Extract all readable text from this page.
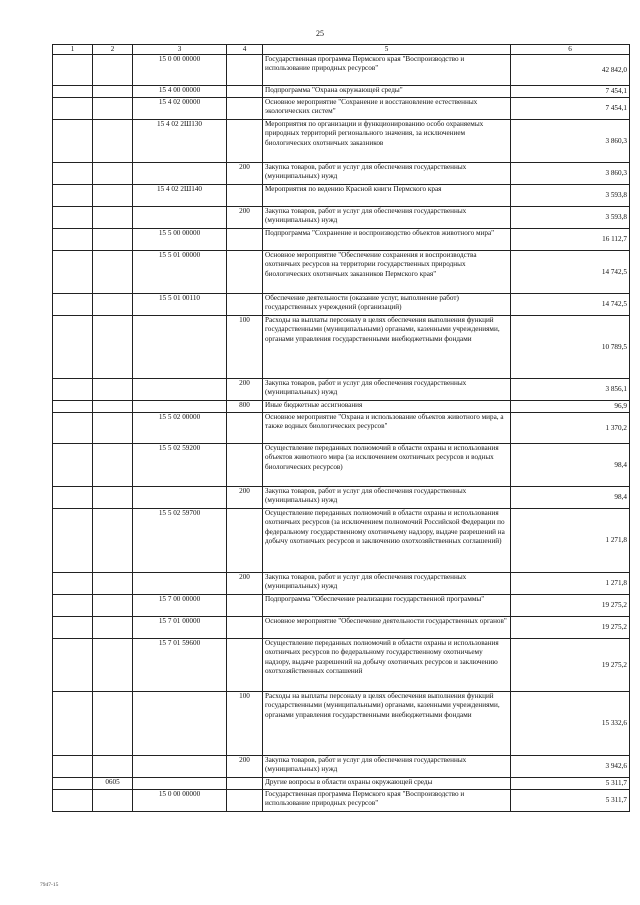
25
1	2	3	4	5	6
		15 0 00 00000		Государственная программа Пермского края "Воспроизводство и использование природных ресурсов"	42 842,0
		15 4 00 00000		Подпрограмма "Охрана окружающей среды"	7 454,1
		15 4 02 00000		Основное мероприятие "Сохранение и восстановление естественных экологических систем"	7 454,1
		15 4 02 2Ш130		Мероприятия по организации и функционированию особо охраняемых природных территорий регионального значения, за исключением биологических охотничьих заказников	3 860,3
			200	Закупка товаров, работ и услуг для обеспечения государственных (муниципальных) нужд	3 860,3
		15 4 02 2Ш140		Мероприятия по ведению Красной книги Пермского края	3 593,8
			200	Закупка товаров, работ и услуг для обеспечения государственных (муниципальных) нужд	3 593,8
		15 5 00 00000		Подпрограмма "Сохранение и воспроизводство объектов животного мира"	16 112,7
		15 5 01 00000		Основное мероприятие "Обеспечение сохранения и воспроизводства охотничьих ресурсов на территории государственных природных биологических охотничьих заказников Пермского края"	14 742,5
		15 5 01 00110		Обеспечение деятельности (оказание услуг, выполнение работ) государственных учреждений (организаций)	14 742,5
			100	Расходы на выплаты персоналу в целях обеспечения выполнения функций государственными (муниципальными) органами, казенными учреждениями, органами управления государственными внебюджетными фондами	10 789,5
			200	Закупка товаров, работ и услуг для обеспечения государственных (муниципальных) нужд	3 856,1
			800	Иные бюджетные ассигнования	96,9
		15 5 02 00000		Основное мероприятие "Охрана и использование объектов животного мира, а также водных биологических ресурсов"	1 370,2
		15 5 02 59200		Осуществление переданных полномочий в области охраны и использования объектов животного мира (за исключением охотничьих ресурсов и водных биологических ресурсов)	98,4
			200	Закупка товаров, работ и услуг для обеспечения государственных (муниципальных) нужд	98,4
		15 5 02 59700		Осуществление переданных полномочий в области охраны и использования охотничьих ресурсов (за исключением полномочий Российской Федерации по федеральному государственному охотничьему надзору, выдаче разрешений на добычу охотничьих ресурсов и заключению охотхозяйственных соглашений)	1 271,8
			200	Закупка товаров, работ и услуг для обеспечения государственных (муниципальных) нужд	1 271,8
		15 7 00 00000		Подпрограмма "Обеспечение реализации государственной программы"	19 275,2
		15 7 01 00000		Основное мероприятие "Обеспечение деятельности государственных органов"	19 275,2
		15 7 01 59600		Осуществление переданных полномочий в области охраны и использования охотничьих ресурсов по федеральному государственному охотничьему надзору, выдаче разрешений на добычу охотничьих ресурсов и заключению охотхозяйственных соглашений	19 275,2
			100	Расходы на выплаты персоналу в целях обеспечения выполнения функций государственными (муниципальными) органами, казенными учреждениями, органами управления государственными внебюджетными фондами	15 332,6
			200	Закупка товаров, работ и услуг для обеспечения государственных (муниципальных) нужд	3 942,6
	0605			Другие вопросы в области охраны окружающей среды	5 311,7
		15 0 00 00000		Государственная программа Пермского края "Воспроизводство и использование природных ресурсов"	5 311,7
7947-15
